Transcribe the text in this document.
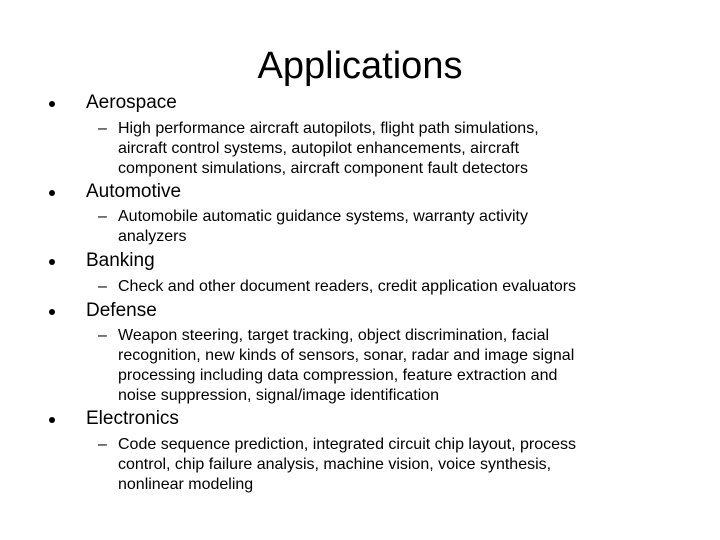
Applications
Aerospace
– High performance aircraft autopilots, flight path simulations,
aircraft control systems, autopilot enhancements, aircraft
component simulations, aircraft component fault detectors
Automotive
– Automobile automatic guidance systems, warranty activity
analyzers
Banking
– Check and other document readers, credit application evaluators
Defense
– Weapon steering, target tracking, object discrimination, facial
recognition, new kinds of sensors, sonar, radar and image signal
processing including data compression, feature extraction and
noise suppression, signal/image identification
Electronics
– Code sequence prediction, integrated circuit chip layout, process
control, chip failure analysis, machine vision, voice synthesis,
nonlinear modeling
